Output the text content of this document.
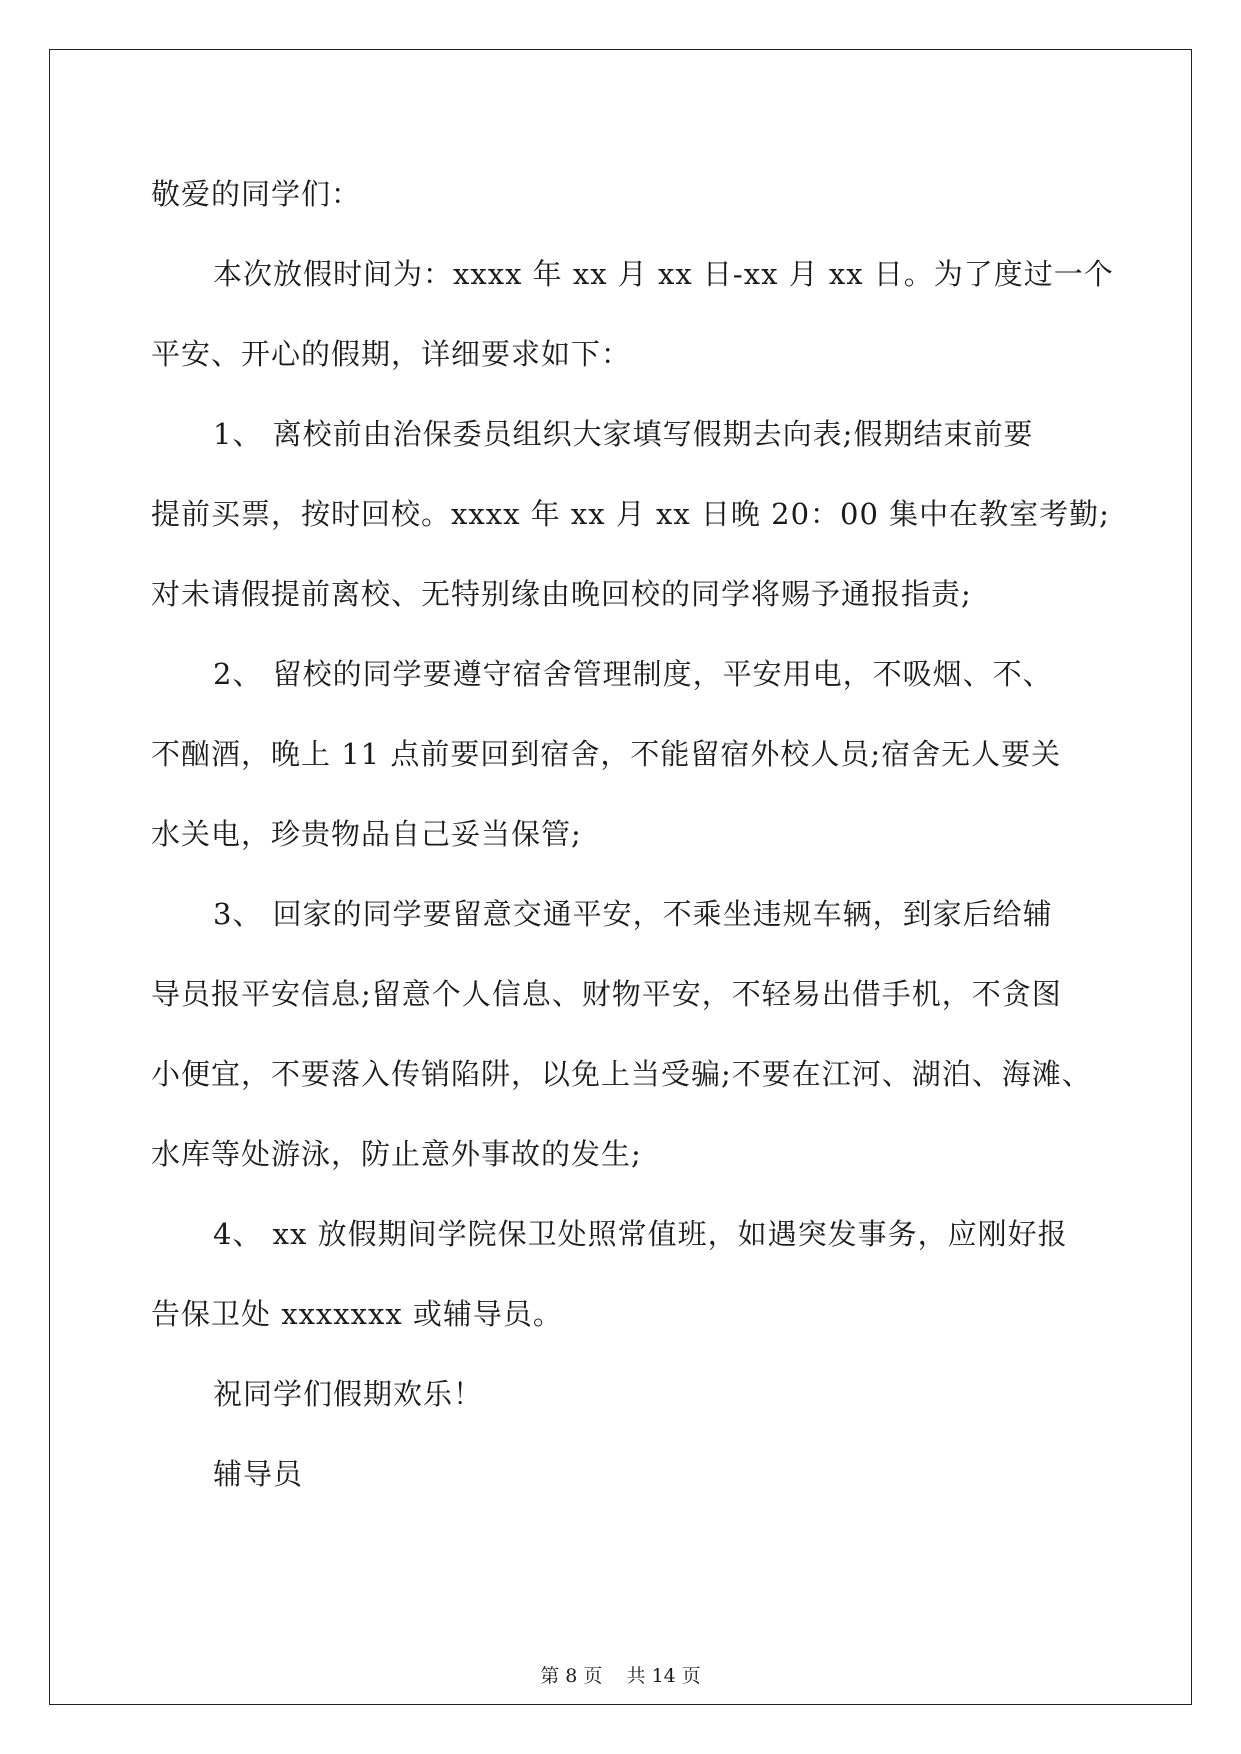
敬爱的同学们：
本次放假时间为：xxxx 年 xx 月 xx 日-xx 月 xx 日。为了度过一个
平安、开心的假期，详细要求如下：
1、 离校前由治保委员组织大家填写假期去向表;假期结束前要
提前买票，按时回校。xxxx 年 xx 月 xx 日晚 20：00 集中在教室考勤;
对未请假提前离校、无特别缘由晚回校的同学将赐予通报指责;
2、 留校的同学要遵守宿舍管理制度，平安用电，不吸烟、不、
不酗酒，晚上 11 点前要回到宿舍，不能留宿外校人员;宿舍无人要关
水关电，珍贵物品自己妥当保管;
3、 回家的同学要留意交通平安，不乘坐违规车辆，到家后给辅
导员报平安信息;留意个人信息、财物平安，不轻易出借手机，不贪图
小便宜，不要落入传销陷阱，以免上当受骗;不要在江河、湖泊、海滩、
水库等处游泳，防止意外事故的发生;
4、 xx 放假期间学院保卫处照常值班，如遇突发事务，应刚好报
告保卫处 xxxxxxx 或辅导员。
祝同学们假期欢乐！
辅导员
第 8 页    共 14 页
